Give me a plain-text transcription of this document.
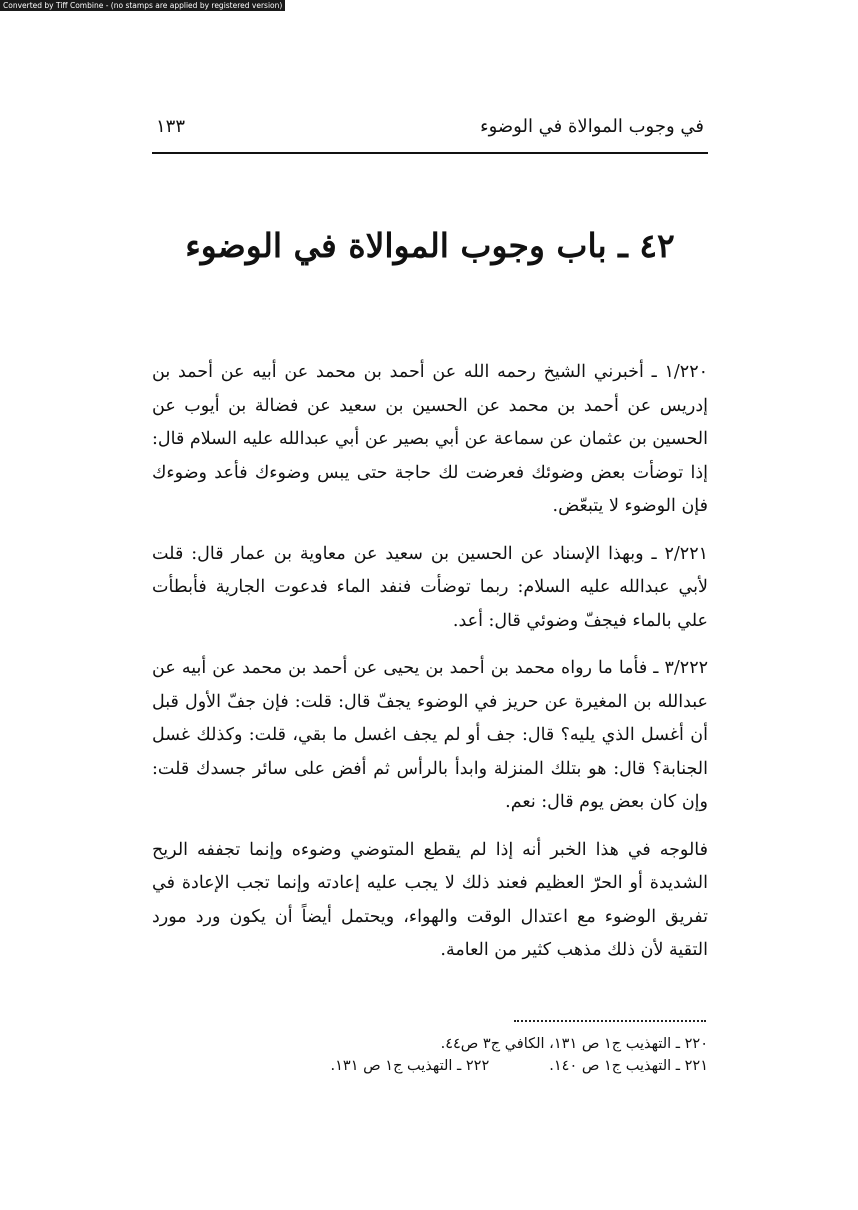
Converted by Tiff Combine - (no stamps are applied by registered version)
في وجوب الموالاة في الوضوء
١٣٣
٤٢ ـ باب وجوب الموالاة في الوضوء

١/٢٢٠ ـ أخبرني الشيخ رحمه الله عن أحمد بن محمد عن أبيه عن أحمد بن إدريس عن أحمد بن محمد عن الحسين بن سعيد عن فضالة بن أيوب عن الحسين بن عثمان عن سماعة عن أبي بصير عن أبي عبدالله عليه السلام قال: إذا توضأت بعض وضوئك فعرضت لك حاجة حتى يبس وضوءك فأعد وضوءك فإن الوضوء لا يتبعّض.

٢/٢٢١ ـ وبهذا الإسناد عن الحسين بن سعيد عن معاوية بن عمار قال: قلت لأبي عبدالله عليه السلام: ربما توضأت فنفد الماء فدعوت الجارية فأبطأت علي بالماء فيجفّ وضوئي قال: أعد.

٣/٢٢٢ ـ فأما ما رواه محمد بن أحمد بن يحيى عن أحمد بن محمد عن أبيه عن عبدالله بن المغيرة عن حريز في الوضوء يجفّ قال: قلت: فإن جفّ الأول قبل أن أغسل الذي يليه؟ قال: جف أو لم يجف اغسل ما بقي، قلت: وكذلك غسل الجنابة؟ قال: هو بتلك المنزلة وابدأ بالرأس ثم أفض على سائر جسدك قلت: وإن كان بعض يوم قال: نعم.

فالوجه في هذا الخبر أنه إذا لم يقطع المتوضي وضوءه وإنما تجففه الريح الشديدة أو الحرّ العظيم فعند ذلك لا يجب عليه إعادته وإنما تجب الإعادة في تفريق الوضوء مع اعتدال الوقت والهواء، ويحتمل أيضاً أن يكون ورد مورد التقية لأن ذلك مذهب كثير من العامة.

٢٢٠ ـ التهذيب ج١ ص ١٣١، الكافي ج٣ ص٤٤.
٢٢١ ـ التهذيب ج١ ص ١٤٠.٢٢٢ ـ التهذيب ج١ ص ١٣١.
